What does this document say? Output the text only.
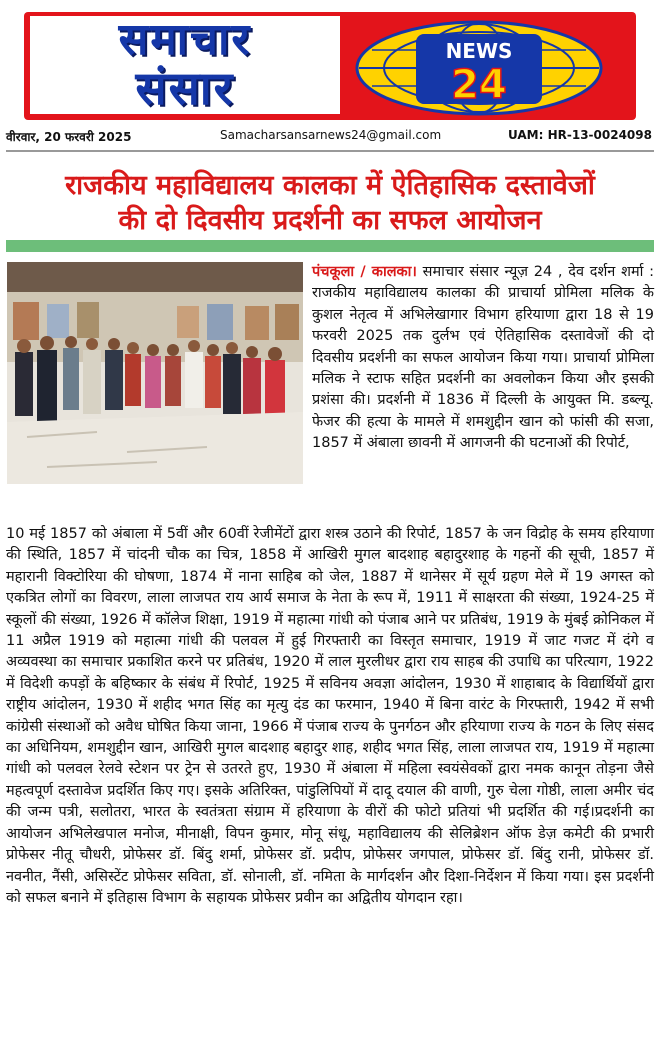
समाचार
संसार
NEWS
24
वीरवार, 20 फरवरी 2025	Samacharsansarnews24@gmail.com	UAM: HR-13-0024098
राजकीय महाविद्यालय कालका में ऐतिहासिक दस्तावेजों
की दो दिवसीय प्रदर्शनी का सफल आयोजन
पंचकूला / कालका। समाचार संसार न्यूज़ 24 , देव दर्शन शर्मा : राजकीय महाविद्यालय कालका की प्राचार्या प्रोमिला मलिक के कुशल नेतृत्व में अभिलेखागार विभाग हरियाणा द्वारा 18 से 19 फरवरी 2025 तक दुर्लभ एवं ऐतिहासिक दस्तावेजों की दो दिवसीय प्रदर्शनी का सफल आयोजन किया गया। प्राचार्या प्रोमिला मलिक ने स्टाफ सहित प्रदर्शनी का अवलोकन किया और इसकी प्रशंसा की। प्रदर्शनी में 1836 में दिल्ली के आयुक्त मि. डब्ल्यू. फेजर की हत्या के मामले में शमशुद्दीन खान को फांसी की सजा, 1857 में अंबाला छावनी में आगजनी की घटनाओं की रिपोर्ट,
10 मई 1857 को अंबाला में 5वीं और 60वीं रेजीमेंटों द्वारा शस्त्र उठाने की रिपोर्ट, 1857 के जन विद्रोह के समय हरियाणा की स्थिति, 1857 में चांदनी चौक का चित्र, 1858 में आखिरी मुगल बादशाह बहादुरशाह के गहनों की सूची, 1857 में महारानी विक्टोरिया की घोषणा, 1874 में नाना साहिब को जेल, 1887 में थानेसर में सूर्य ग्रहण मेले में 19 अगस्त को एकत्रित लोगों का विवरण, लाला लाजपत राय आर्य समाज के नेता के रूप में, 1911 में साक्षरता की संख्या, 1924-25 में स्कूलों की संख्या, 1926 में कॉलेज शिक्षा, 1919 में महात्मा गांधी को पंजाब आने पर प्रतिबंध, 1919 के मुंबई क्रोनिकल में 11 अप्रैल 1919 को महात्मा गांधी की पलवल में हुई गिरफ्तारी का विस्तृत समाचार, 1919 में जाट गजट में दंगे व अव्यवस्था का समाचार प्रकाशित करने पर प्रतिबंध, 1920 में लाल मुरलीधर द्वारा राय साहब की उपाधि का परित्याग, 1922 में विदेशी कपड़ों के बहिष्कार के संबंध में रिपोर्ट, 1925 में सविनय अवज्ञा आंदोलन, 1930 में शाहाबाद के विद्यार्थियों द्वारा राष्ट्रीय आंदोलन, 1930 में शहीद भगत सिंह का मृत्यु दंड का फरमान, 1940 में बिना वारंट के गिरफ्तारी, 1942 में सभी कांग्रेसी संस्थाओं को अवैध घोषित किया जाना, 1966 में पंजाब राज्य के पुनर्गठन और हरियाणा राज्य के गठन के लिए संसद का अधिनियम, शमशुद्दीन खान, आखिरी मुगल बादशाह बहादुर शाह, शहीद भगत सिंह, लाला लाजपत राय, 1919 में महात्मा गांधी को पलवल रेलवे स्टेशन पर ट्रेन से उतरते हुए, 1930 में अंबाला में महिला स्वयंसेवकों द्वारा नमक कानून तोड़ना जैसे महत्वपूर्ण दस्तावेज प्रदर्शित किए गए। इसके अतिरिक्त, पांडुलिपियों में दादू दयाल की वाणी, गुरु चेला गोष्ठी, लाला अमीर चंद की जन्म पत्री, सलोतरा, भारत के स्वतंत्रता संग्राम में हरियाणा के वीरों की फोटो प्रतियां भी प्रदर्शित की गई।प्रदर्शनी का आयोजन अभिलेखपाल मनोज, मीनाक्षी, विपन कुमार, मोनू संधू, महाविद्यालय की सेलिब्रेशन ऑफ डेज़ कमेटी की प्रभारी प्रोफेसर नीतू चौधरी, प्रोफेसर डॉ. बिंदु शर्मा, प्रोफेसर डॉ. प्रदीप, प्रोफेसर जगपाल, प्रोफेसर डॉ. बिंदु रानी, प्रोफेसर डॉ. नवनीत, नैंसी, असिस्टेंट प्रोफेसर सविता, डॉ. सोनाली, डॉ. नमिता के मार्गदर्शन और दिशा-निर्देशन में किया गया। इस प्रदर्शनी को सफल बनाने में इतिहास विभाग के सहायक प्रोफेसर प्रवीन का अद्वितीय योगदान रहा।
